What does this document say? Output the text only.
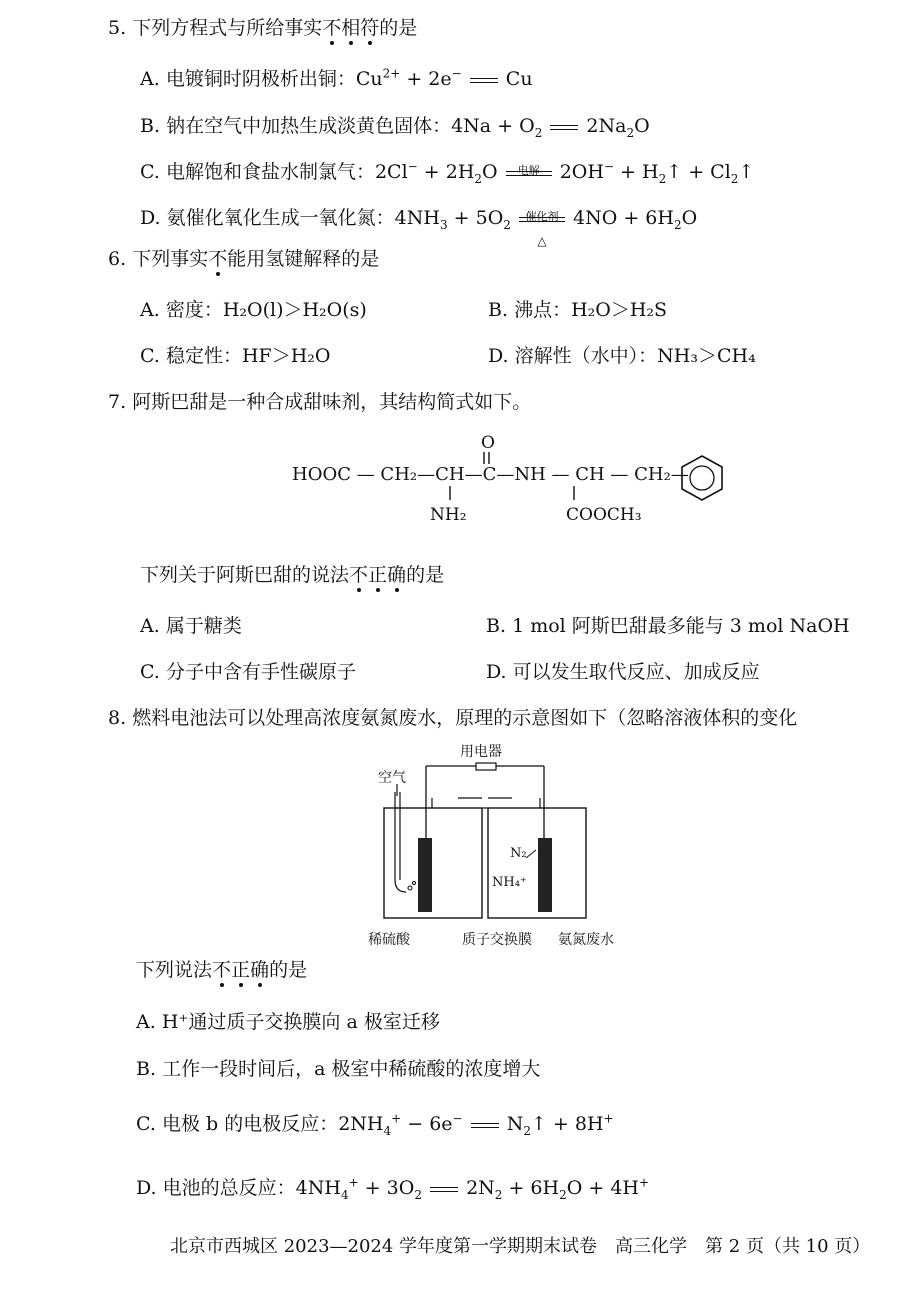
5. 下列方程式与所给事实不相符的是
A. 电镀铜时阴极析出铜：$Cu^{2+} + 2e^-$
Cu
B. 钠在空气中加热生成淡黄色固体：$4Na + O_2$
$2Na_2O$
C. 电解饱和食盐水制氯气：$2Cl^- + 2H_2O$	电解 $2OH^- + H_2↑$ + $Cl_2↑$
D. 氨催化氧化生成一氧化氮：$4NH_3 + 5O_2$
催化剂
△
$4NO + 6H_2O$
6. 下列事实不能用氢键解释的是
A. 密度：H₂O(l)＞H₂O(s)	B. 沸点：H₂O＞H₂S
C. 稳定性：HF＞H₂O	D. 溶解性（水中）：NH₃＞CH₄
7. 阿斯巴甜是一种合成甜味剂，其结构简式如下。
HOOC — CH₂—CH—C—NH — CH — CH₂—
O
NH₂	COOCH₃
下列关于阿斯巴甜的说法不正确的是
A. 属于糖类	B. 1 mol 阿斯巴甜最多能与 3 mol NaOH
C. 分子中含有手性碳原子	D. 可以发生取代反应、加成反应
8. 燃料电池法可以处理高浓度氨氮废水，原理的示意图如下（忽略溶液体积的变化
用电器
空气
N₂
NH₄⁺
稀硫酸	质子交换膜 氨氮废水
下列说法不正确的是
A. H⁺通过质子交换膜向 a 极室迁移
B. 工作一段时间后，a 极室中稀硫酸的浓度增大
C. 电极 b 的电极反应：$2NH_4^+ - 6e^-$
$N_2↑ + 8H^+$
D. 电池的总反应：$4NH_4^+ + 3O_2$
$2N_2 + 6H_2O + 4H^+$
北京市西城区 2023—2024 学年度第一学期期末试卷　高三化学　第 2 页（共 10 页）
